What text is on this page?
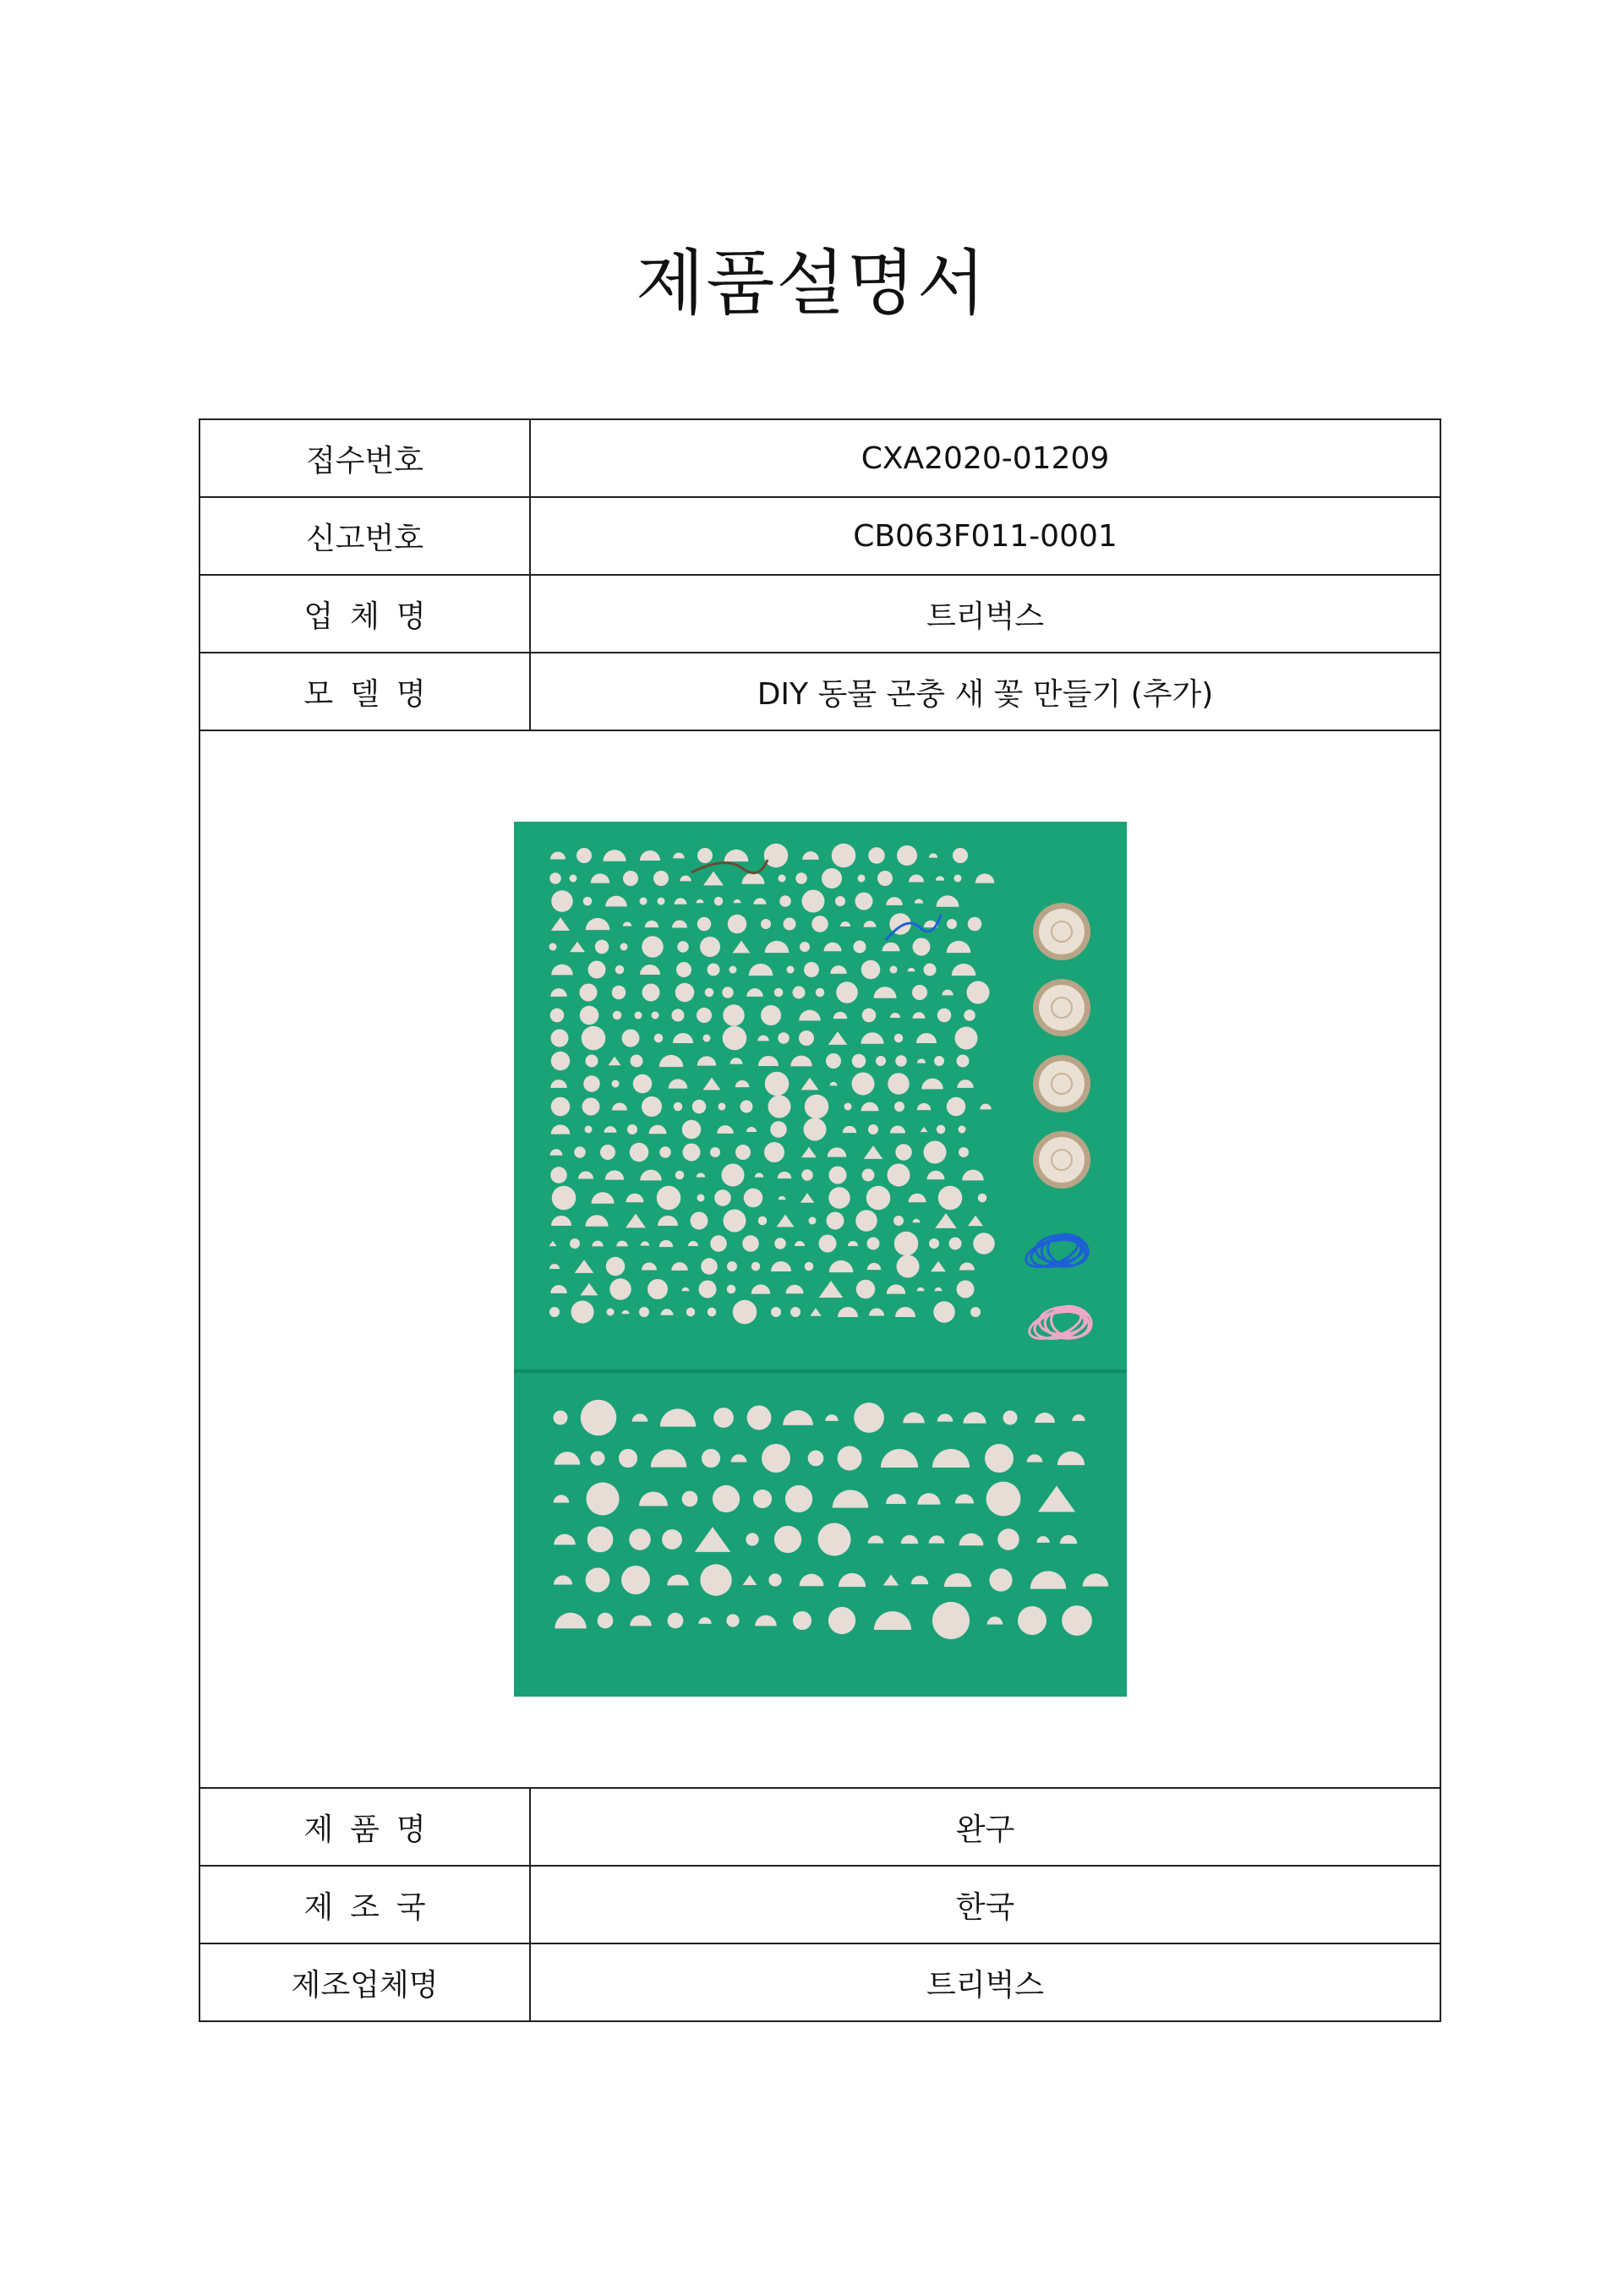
제품설명서
접수번호	CXA2020-01209
신고번호	CB063F011-0001
업체명	트리벅스
모델명	DIY 동물 곤충 새 꽃 만들기 (추가)

제품명	완구
제조국	한국
제조업체명	트리벅스
